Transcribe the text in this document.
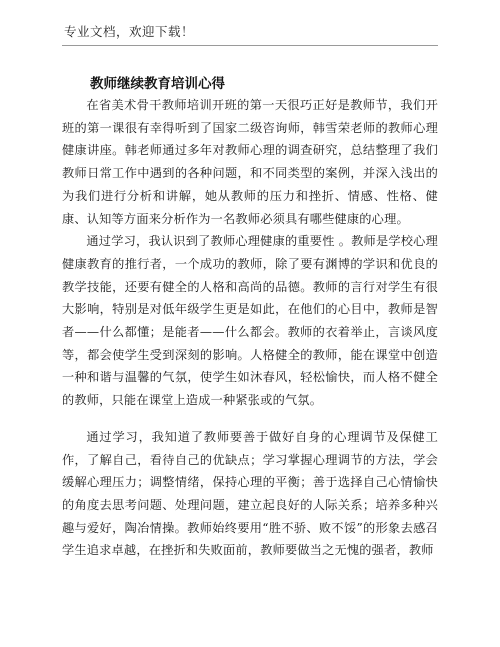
专业文档，欢迎下载！
教师继续教育培训心得

在省美术骨干教师培训开班的第一天很巧正好是教师节，我们开班的第一课很有幸得听到了国家二级咨询师，韩雪荣老师的教师心理健康讲座。韩老师通过多年对教师心理的调查研究，总结整理了我们教师日常工作中遇到的各种问题，和不同类型的案例，并深入浅出的为我们进行分析和讲解，她从教师的压力和挫折、情感、性格、健康、认知等方面来分析作为一名教师必须具有哪些健康的心理。

通过学习，我认识到了教师心理健康的重要性 。教师是学校心理健康教育的推行者，一个成功的教师，除了要有渊博的学识和优良的教学技能，还要有健全的人格和高尚的品德。教师的言行对学生有很大影响，特别是对低年级学生更是如此，在他们的心目中，教师是智者——什么都懂；是能者——什么都会。教师的衣着举止，言谈风度等，都会使学生受到深刻的影响。人格健全的教师，能在课堂中创造一种和谐与温馨的气氛，使学生如沐春风，轻松愉快，而人格不健全的教师，只能在课堂上造成一种紧张或的气氛。

通过学习，我知道了教师要善于做好自身的心理调节及保健工作，了解自己，看待自己的优缺点；学习掌握心理调节的方法，学会缓解心理压力；调整情绪，保持心理的平衡；善于选择自己心情愉快的角度去思考问题、处理问题，建立起良好的人际关系；培养多种兴趣与爱好，陶冶情操。教师始终要用“胜不骄、败不馁”的形象去感召学生追求卓越，在挫折和失败面前，教师要做当之无愧的强者，教师
